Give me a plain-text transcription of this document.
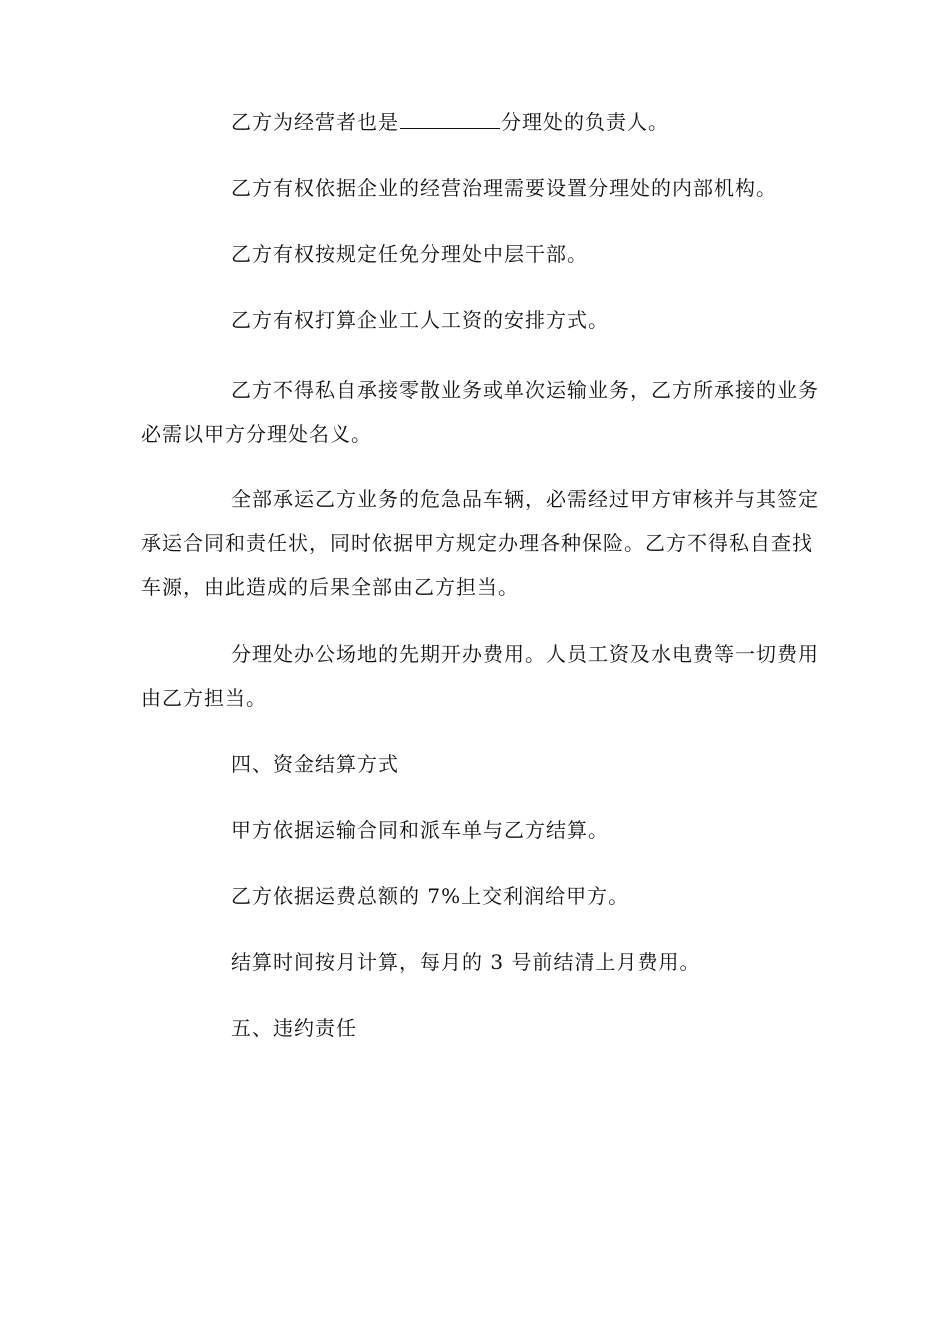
乙方为经营者也是	分理处的负责人。

乙方有权依据企业的经营治理需要设置分理处的内部机构。

乙方有权按规定任免分理处中层干部。

乙方有权打算企业工人工资的安排方式。

乙方不得私自承接零散业务或单次运输业务，乙方所承接的业务必需以甲方分理处名义。

全部承运乙方业务的危急品车辆，必需经过甲方审核并与其签定承运合同和责任状，同时依据甲方规定办理各种保险。乙方不得私自查找车源，由此造成的后果全部由乙方担当。

分理处办公场地的先期开办费用。人员工资及水电费等一切费用由乙方担当。

四、资金结算方式

甲方依据运输合同和派车单与乙方结算。

乙方依据运费总额的 7%上交利润给甲方。

结算时间按月计算，每月的 3 号前结清上月费用。

五、违约责任
